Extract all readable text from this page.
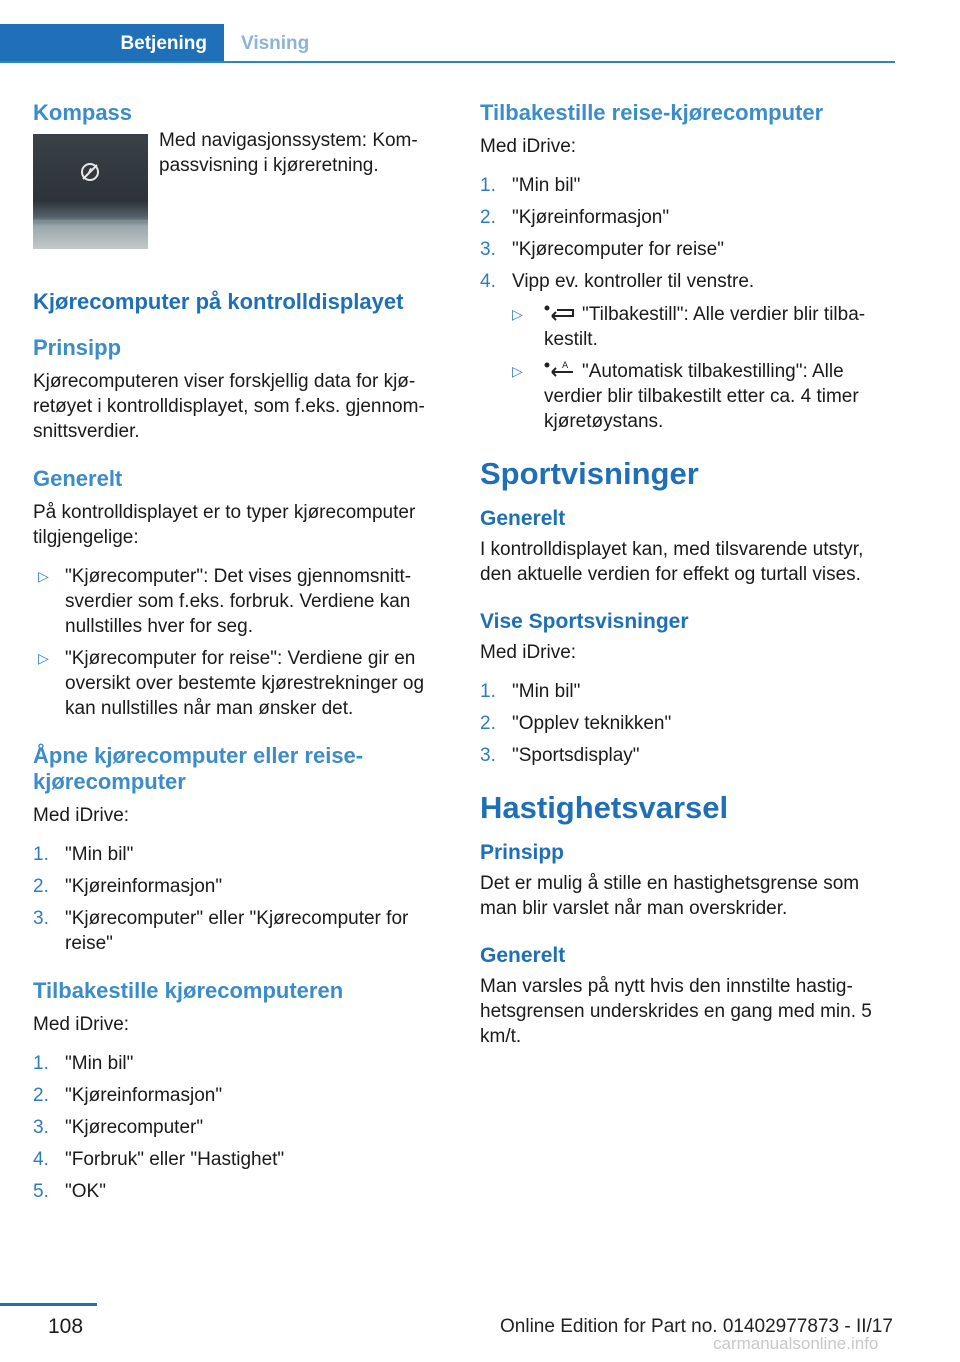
Betjening Visning
Kompass

Med navigasjonssystem: Kompassvisning i kjøreretning.

Kjørecomputer på kontrolldisplayet
Prinsipp

Kjørecomputeren viser forskjellig data for kjøretøyet i kontrolldisplayet, som f.eks. gjennomsnittsverdier.

Generelt

På kontrolldisplayet er to typer kjørecomputer tilgjengelige:

▷ "Kjørecomputer": Det vises gjennomsnittsverdier som f.eks. forbruk. Verdiene kan nullstilles hver for seg.
▷ "Kjørecomputer for reise": Verdiene gir en oversikt over bestemte kjørestrekninger og kan nullstilles når man ønsker det.
Åpne kjørecomputer eller reisekjørecomputer

Med iDrive:

1. "Min bil"
2. "Kjøreinformasjon"
3. "Kjørecomputer" eller "Kjørecomputer for reise"
Tilbakestille kjørecomputeren

Med iDrive:

1. "Min bil"
2. "Kjøreinformasjon"
3. "Kjørecomputer"
4. "Forbruk" eller "Hastighet"
5. "OK"
Tilbakestille reise-kjørecomputer

Med iDrive:

1. "Min bil"
2. "Kjøreinformasjon"
3. "Kjørecomputer for reise"
4. Vipp ev. kontroller til venstre.
▷	"Tilbakestill": Alle verdier blir tilbakestilt.
▷	A "Automatisk tilbakestilling": Alle verdier blir tilbakestilt etter ca. 4 timer kjøretøystans.
Sportvisninger
Generelt

I kontrolldisplayet kan, med tilsvarende utstyr, den aktuelle verdien for effekt og turtall vises.

Vise Sportsvisninger

Med iDrive:

1. "Min bil"
2. "Opplev teknikken"
3. "Sportsdisplay"
Hastighetsvarsel
Prinsipp

Det er mulig å stille en hastighetsgrense som man blir varslet når man overskrider.

Generelt

Man varsles på nytt hvis den innstilte hastighetsgrensen underskrides en gang med min. 5 km/t.

108	Online Edition for Part no. 01402977873 - II/17
carmanualsonline.info
